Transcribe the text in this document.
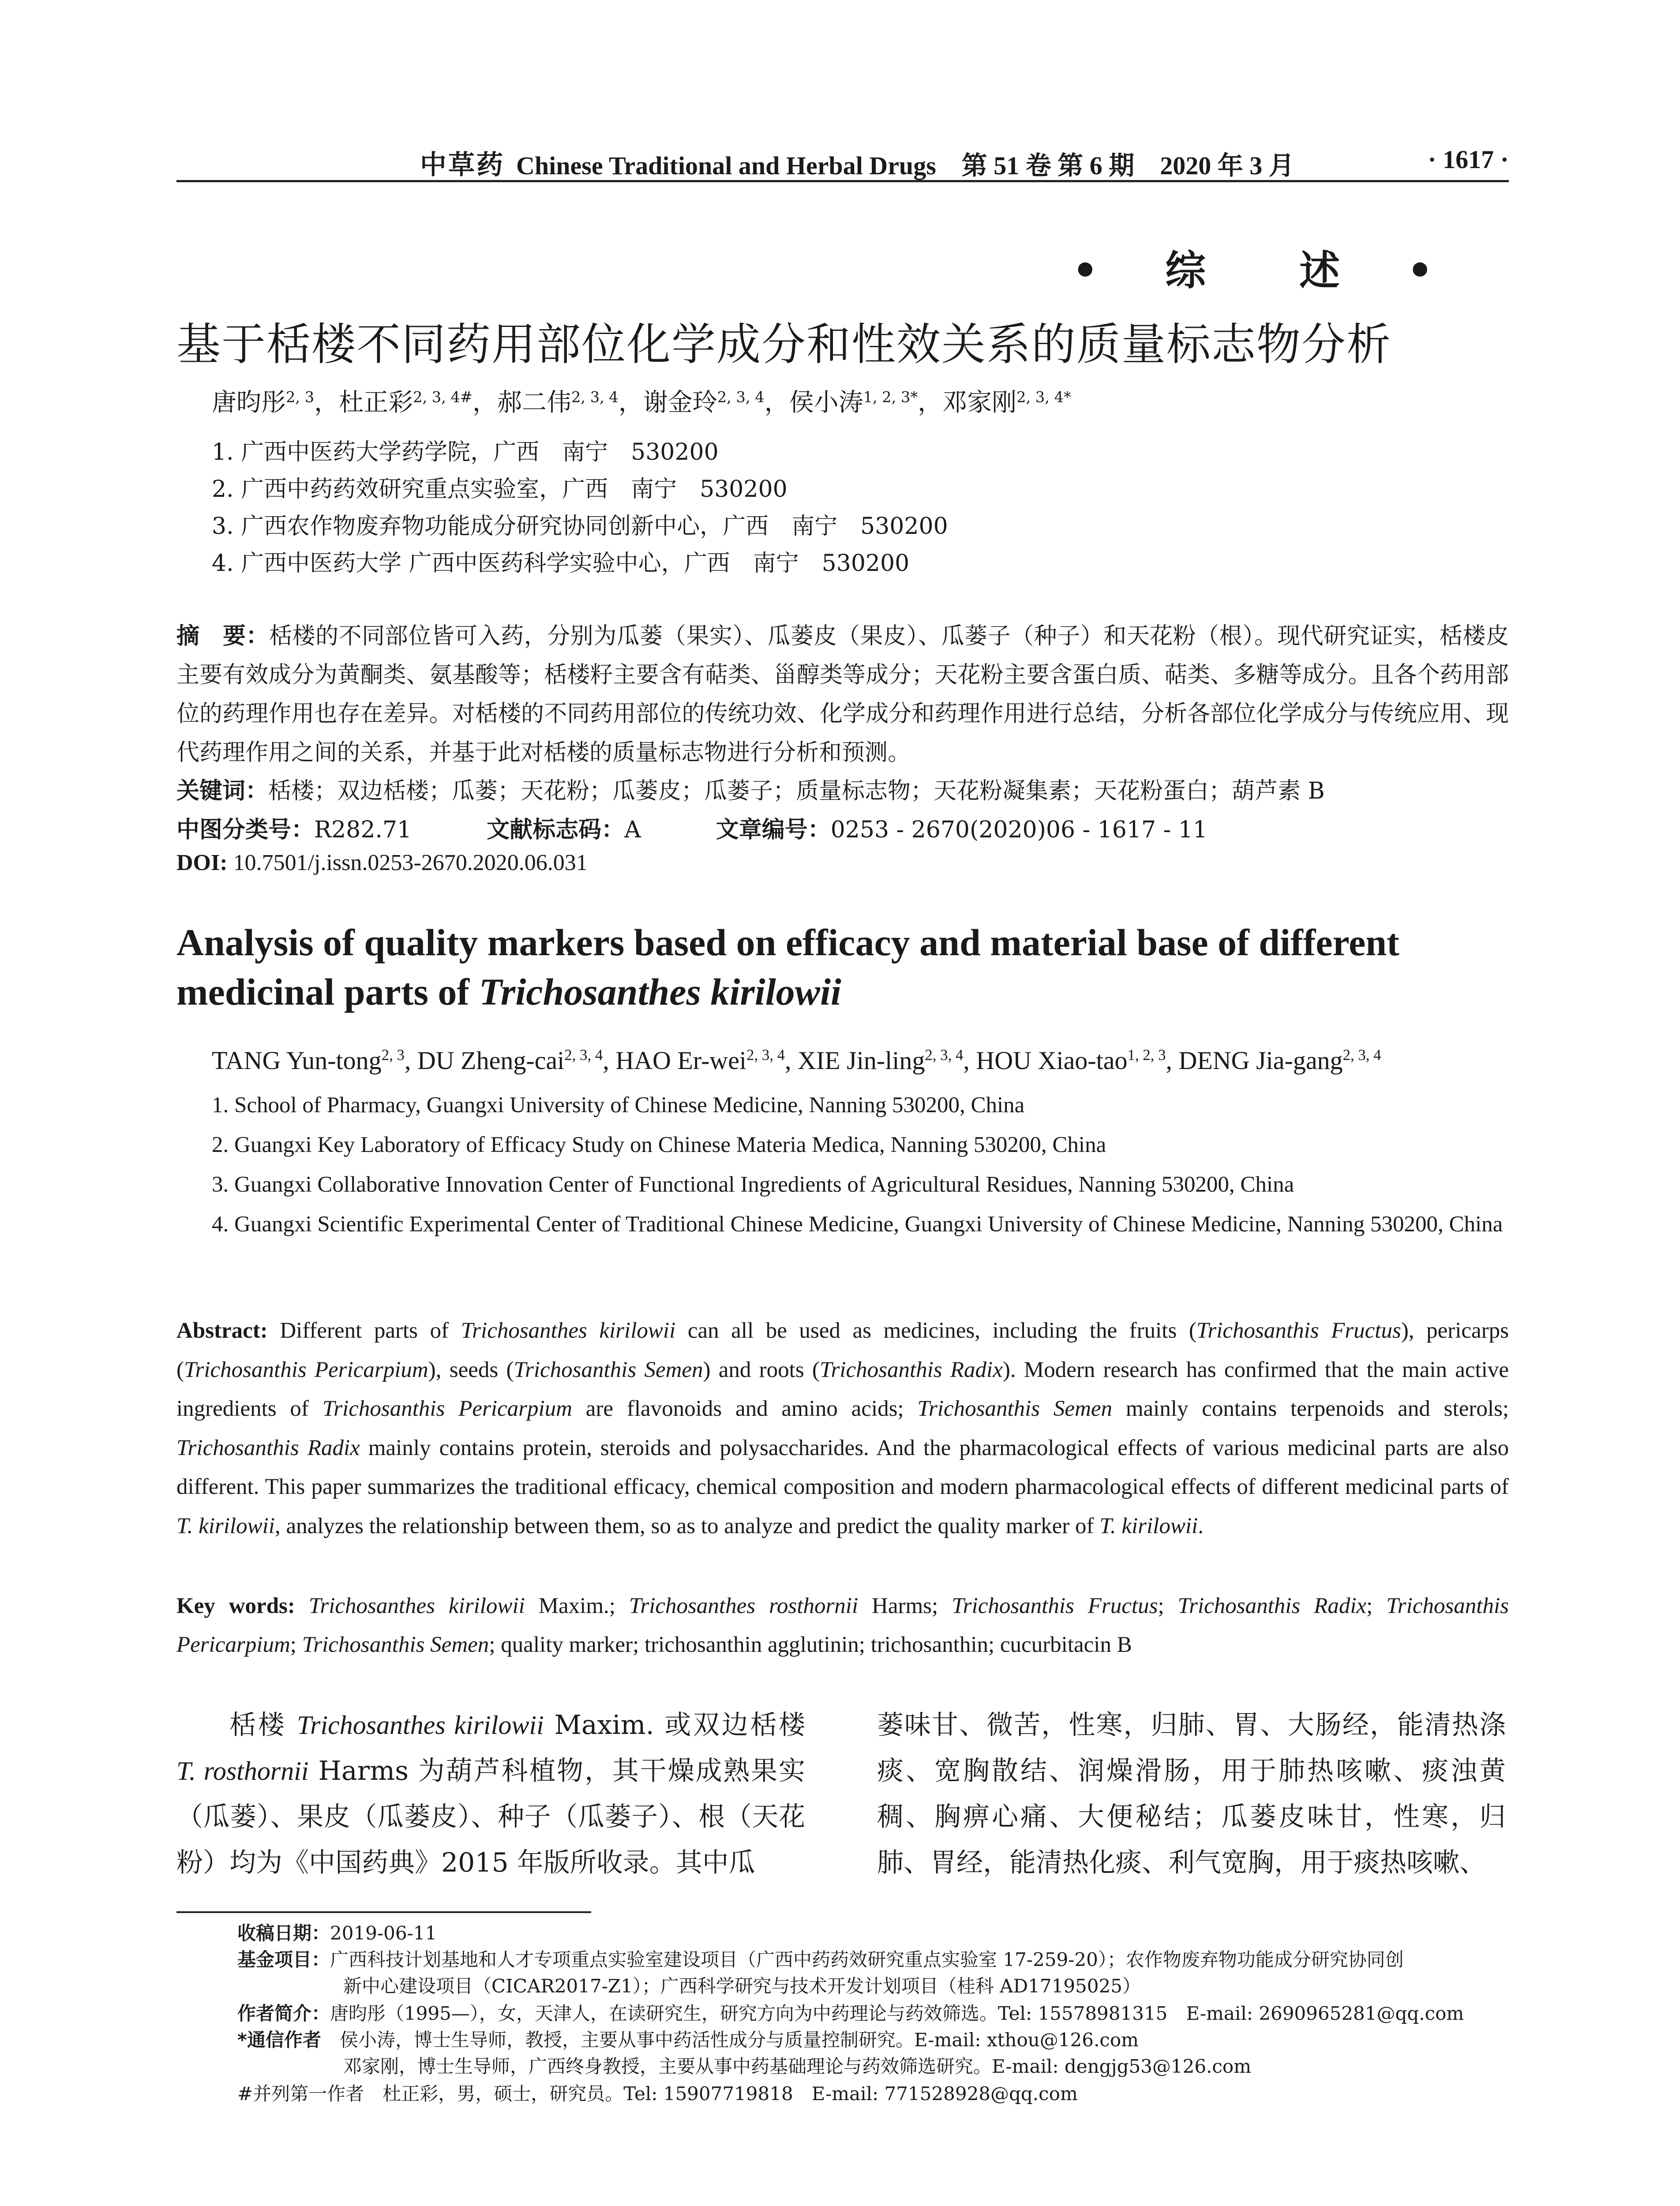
中草药 Chinese Traditional and Herbal Drugs　第 51 卷 第 6 期　2020 年 3 月	· 1617 ·
• 综　述 •
基于栝楼不同药用部位化学成分和性效关系的质量标志物分析
唐昀彤$^{2, 3}$，杜正彩$^{2, 3, 4\#}$，郝二伟$^{2, 3, 4}$，谢金玲$^{2, 3, 4}$，侯小涛$^{1, 2, 3*}$，邓家刚$^{2, 3, 4*}$
1. 广西中医药大学药学院，广西　南宁　530200
2. 广西中药药效研究重点实验室，广西　南宁　530200
3. 广西农作物废弃物功能成分研究协同创新中心，广西　南宁　530200
4. 广西中医药大学 广西中医药科学实验中心，广西　南宁　530200
摘　要：栝楼的不同部位皆可入药，分别为瓜蒌（果实）、瓜蒌皮（果皮）、瓜蒌子（种子）和天花粉（根）。现代研究证实，栝楼皮主要有效成分为黄酮类、氨基酸等；栝楼籽主要含有萜类、甾醇类等成分；天花粉主要含蛋白质、萜类、多糖等成分。且各个药用部位的药理作用也存在差异。对栝楼的不同药用部位的传统功效、化学成分和药理作用进行总结，分析各部位化学成分与传统应用、现代药理作用之间的关系，并基于此对栝楼的质量标志物进行分析和预测。
关键词：栝楼；双边栝楼；瓜蒌；天花粉；瓜蒌皮；瓜蒌子；质量标志物；天花粉凝集素；天花粉蛋白；葫芦素 B
中图分类号：R282.71	文献标志码：A	文章编号：0253 - 2670(2020)06 - 1617 - 11
DOI: 10.7501/j.issn.0253-2670.2020.06.031
Analysis of quality markers based on efficacy and material base of different medicinal parts of Trichosanthes kirilowii
TANG Yun-tong$^{2, 3}$, DU Zheng-cai$^{2, 3, 4}$, HAO Er-wei$^{2, 3, 4}$, XIE Jin-ling$^{2, 3, 4}$, HOU Xiao-tao$^{1, 2, 3}$, DENG Jia-gang$^{2, 3, 4}$
1. School of Pharmacy, Guangxi University of Chinese Medicine, Nanning 530200, China
2. Guangxi Key Laboratory of Efficacy Study on Chinese Materia Medica, Nanning 530200, China
3. Guangxi Collaborative Innovation Center of Functional Ingredients of Agricultural Residues, Nanning 530200, China
4. Guangxi Scientific Experimental Center of Traditional Chinese Medicine, Guangxi University of Chinese Medicine, Nanning 530200, China
Abstract: Different parts of Trichosanthes kirilowii can all be used as medicines, including the fruits (Trichosanthis Fructus), pericarps (Trichosanthis Pericarpium), seeds (Trichosanthis Semen) and roots (Trichosanthis Radix). Modern research has confirmed that the main active ingredients of Trichosanthis Pericarpium are flavonoids and amino acids; Trichosanthis Semen mainly contains terpenoids and sterols; Trichosanthis Radix mainly contains protein, steroids and polysaccharides. And the pharmacological effects of various medicinal parts are also different. This paper summarizes the traditional efficacy, chemical composition and modern pharmacological effects of different medicinal parts of T. kirilowii, analyzes the relationship between them, so as to analyze and predict the quality marker of T. kirilowii.
Key words: Trichosanthes kirilowii Maxim.; Trichosanthes rosthornii Harms; Trichosanthis Fructus; Trichosanthis Radix; Trichosanthis Pericarpium; Trichosanthis Semen; quality marker; trichosanthin agglutinin; trichosanthin; cucurbitacin B
栝楼 Trichosanthes kirilowii Maxim. 或双边栝楼 T. rosthornii Harms 为葫芦科植物，其干燥成熟果实（瓜蒌）、果皮（瓜蒌皮）、种子（瓜蒌子）、根（天花粉）均为《中国药典》2015 年版所收录。其中瓜
蒌味甘、微苦，性寒，归肺、胃、大肠经，能清热涤痰、宽胸散结、润燥滑肠，用于肺热咳嗽、痰浊黄稠、胸痹心痛、大便秘结；瓜蒌皮味甘，性寒，归肺、胃经，能清热化痰、利气宽胸，用于痰热咳嗽、
收稿日期：2019-06-11
基金项目：广西科技计划基地和人才专项重点实验室建设项目（广西中药药效研究重点实验室 17-259-20）；农作物废弃物功能成分研究协同创
新中心建设项目（CICAR2017-Z1）；广西科学研究与技术开发计划项目（桂科 AD17195025）
作者简介：唐昀彤（1995—），女，天津人，在读研究生，研究方向为中药理论与药效筛选。Tel: 15578981315　E-mail: 2690965281@qq.com
*通信作者　侯小涛，博士生导师，教授，主要从事中药活性成分与质量控制研究。E-mail: xthou@126.com
邓家刚，博士生导师，广西终身教授，主要从事中药基础理论与药效筛选研究。E-mail: dengjg53@126.com
#并列第一作者　杜正彩，男，硕士，研究员。Tel: 15907719818　E-mail: 771528928@qq.com
